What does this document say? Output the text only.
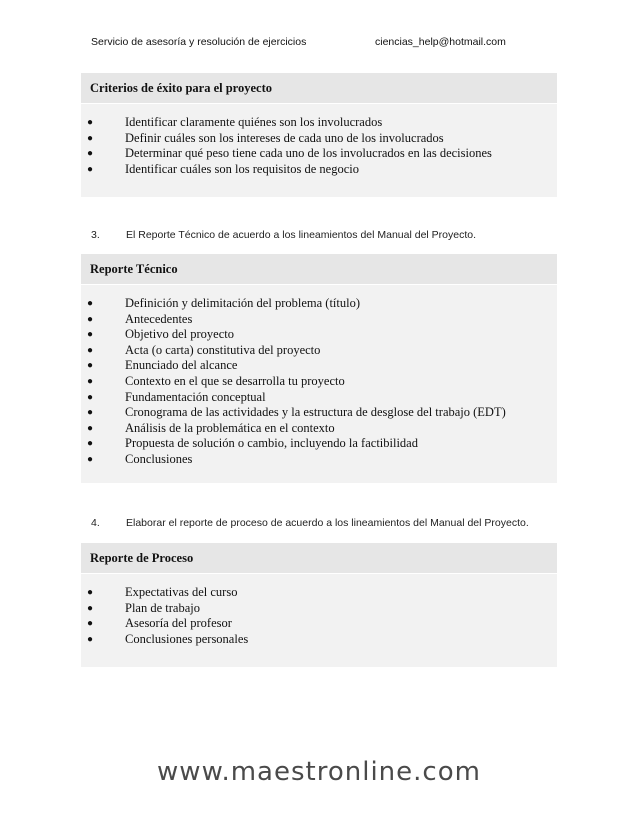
Servicio de asesoría y resolución de ejercicios	ciencias_help@hotmail.com
Criterios de éxito para el proyecto
●	Identificar claramente quiénes son los involucrados
●	Definir cuáles son los intereses de cada uno de los involucrados
●	Determinar qué peso tiene cada uno de los involucrados en las decisiones
●	Identificar cuáles son los requisitos de negocio
3. El Reporte Técnico de acuerdo a los lineamientos del Manual del Proyecto.
Reporte Técnico
●	Definición y delimitación del problema (título)
●	Antecedentes
●	Objetivo del proyecto
●	Acta (o carta) constitutiva del proyecto
●	Enunciado del alcance
●	Contexto en el que se desarrolla tu proyecto
●	Fundamentación conceptual
●	Cronograma de las actividades y la estructura de desglose del trabajo (EDT)
●	Análisis de la problemática en el contexto
●	Propuesta de solución o cambio, incluyendo la factibilidad
●	Conclusiones
4. Elaborar el reporte de proceso de acuerdo a los lineamientos del Manual del Proyecto.
Reporte de Proceso
●	Expectativas del curso
●	Plan de trabajo
●	Asesoría del profesor
●	Conclusiones personales
www.maestronline.com
